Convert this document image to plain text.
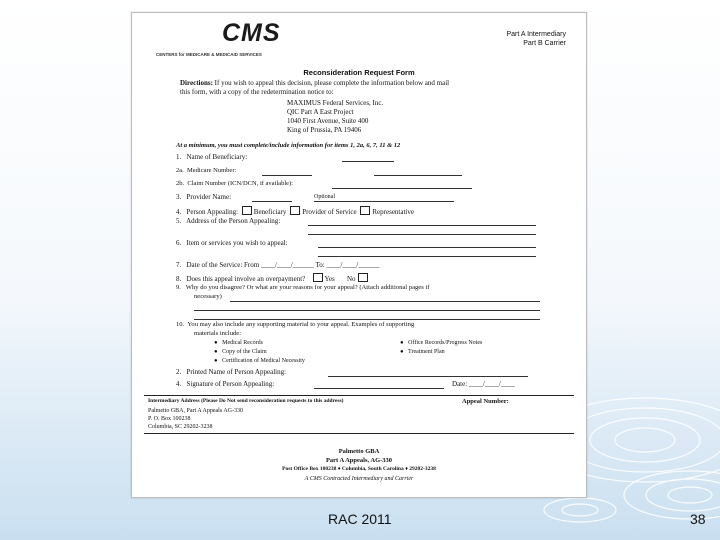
CMS
CENTERS for MEDICARE & MEDICAID SERVICES
Part A Intermediary
Part B Carrier
Reconsideration Request Form
Directions: If you wish to appeal this decision, please complete the information below and mail
this form, with a copy of the redetermination notice to:
MAXIMUS Federal Services, Inc.
QIC Part A East Project
1040 First Avenue, Suite 400
King of Prussia, PA 19406
At a minimum, you must complete/include information for items 1, 2a, 6, 7, 11 & 12
1. Name of Beneficiary:
2a. Medicare Number:
2b. Claim Number (ICN/DCN, if available):
3. Provider Name:	Optional
4. Person Appealing: Beneficiary Provider of Service Representative
5. Address of the Person Appealing:
6. Item or services you wish to appeal:
7. Date of the Service: From ____/____/______ To: ____/____/______
8. Does this appeal involve an overpayment?	Yes No
9. Why do you disagree? Or what are your reasons for your appeal? (Attach additional pages if
necessary)
10. You may also include any supporting material to your appeal. Examples of supporting
materials include:
●   Medical Records
●   Copy of the Claim
●   Certification of Medical Necessity
●   Office Records/Progress Notes
●   Treatment Plan
2. Printed Name of Person Appealing:
4. Signature of Person Appealing:	Date: ____/____/____
Intermediary Address (Please Do Not send reconsideration requests to this address)	Appeal Number:
Palmetto GBA, Part A Appeals AG-330
P. O. Box 100238
Columbia, SC 29202-3238
Palmetto GBA
Part A Appeals, AG-330
Post Office Box 100238 ♦ Columbia, South Carolina ♦ 29202-3238
A CMS Contracted Intermediary and Carrier
RAC 2011	38
